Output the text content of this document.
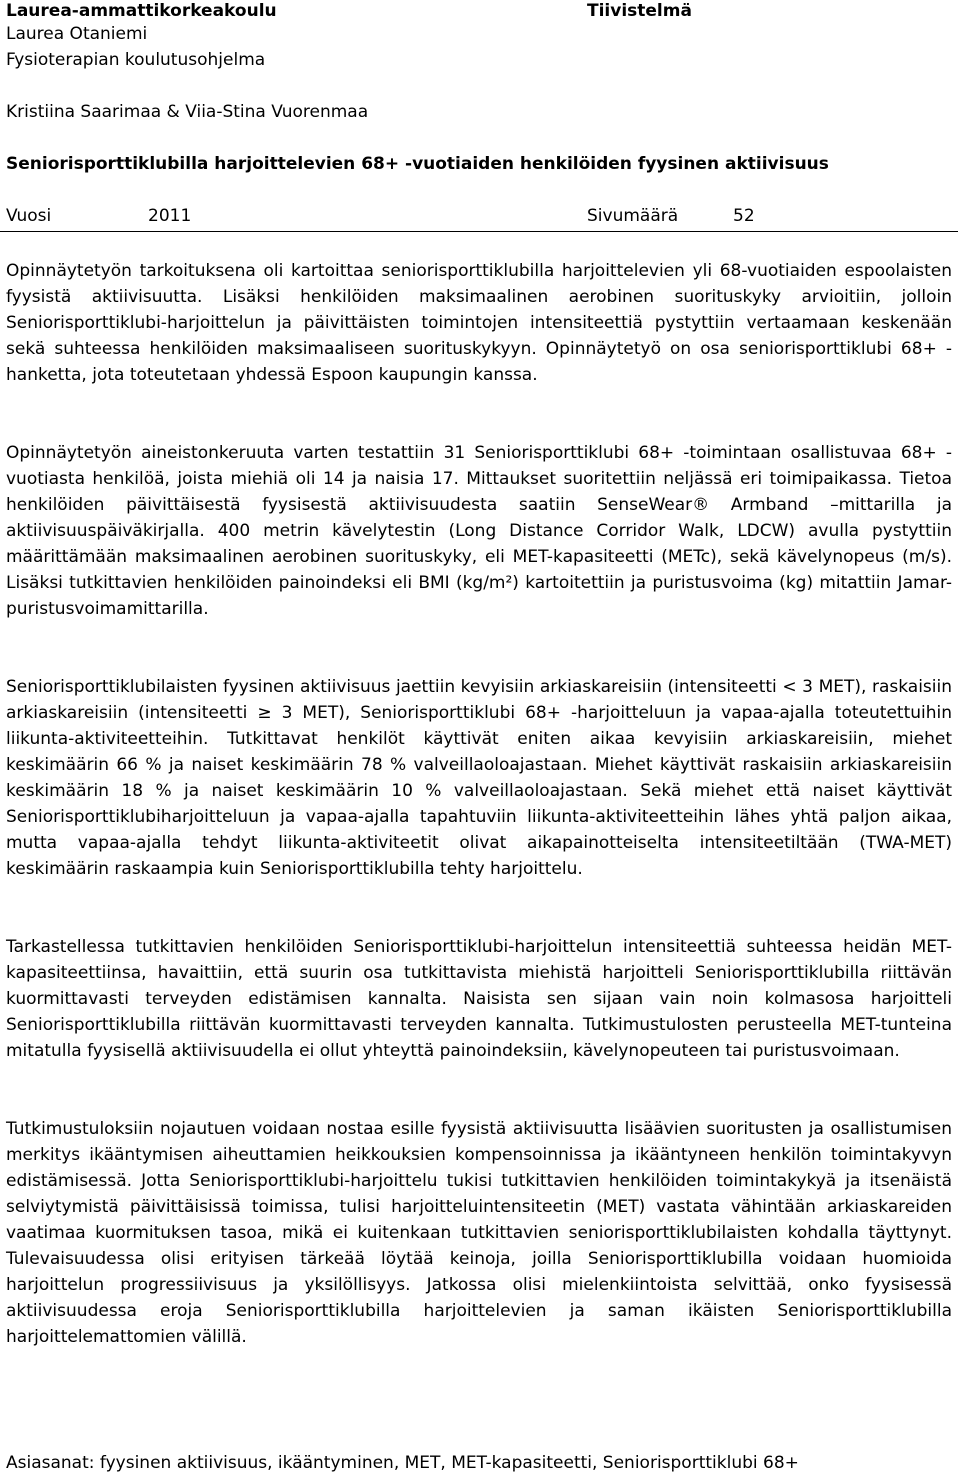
Laurea-ammattikorkeakoulu	Tiivistelmä
Laurea Otaniemi
Fysioterapian koulutusohjelma
Kristiina Saarimaa & Viia-Stina Vuorenmaa
Seniorisporttiklubilla harjoittelevien 68+ -vuotiaiden henkilöiden fyysinen aktiivisuus
Vuosi	2011	Sivumäärä	52

Opinnäytetyön tarkoituksena oli kartoittaa seniorisporttiklubilla harjoittelevien yli 68-vuotiaiden espoolaisten fyysistä aktiivisuutta. Lisäksi henkilöiden maksimaalinen aerobinen suorituskyky arvioitiin, jolloin Seniorisporttiklubi-harjoittelun ja päivittäisten toimintojen intensiteettiä pystyttiin vertaamaan keskenään sekä suhteessa henkilöiden maksimaaliseen suorituskykyyn. Opinnäytetyö on osa seniorisporttiklubi 68+ -hanketta, jota toteutetaan yhdessä Espoon kaupungin kanssa.

Opinnäytetyön aineistonkeruuta varten testattiin 31 Seniorisporttiklubi 68+ -toimintaan osallistuvaa 68+ -vuotiasta henkilöä, joista miehiä oli 14 ja naisia 17. Mittaukset suoritettiin neljässä eri toimipaikassa. Tietoa henkilöiden päivittäisestä fyysisestä aktiivisuudesta saatiin SenseWear® Armband –mittarilla ja aktiivisuuspäiväkirjalla. 400 metrin kävelytestin (Long Distance Corridor Walk, LDCW) avulla pystyttiin määrittämään maksimaalinen aerobinen suorituskyky, eli MET-kapasiteetti (METc), sekä kävelynopeus (m/s). Lisäksi tutkittavien henkilöiden painoindeksi eli BMI (kg/m²) kartoitettiin ja puristusvoima (kg) mitattiin Jamar-puristusvoimamittarilla.

Seniorisporttiklubilaisten fyysinen aktiivisuus jaettiin kevyisiin arkiaskareisiin (intensiteetti < 3 MET), raskaisiin arkiaskareisiin (intensiteetti ≥ 3 MET), Seniorisporttiklubi 68+ -harjoitteluun ja vapaa-ajalla toteutettuihin liikunta-aktiviteetteihin. Tutkittavat henkilöt käyttivät eniten aikaa kevyisiin arkiaskareisiin, miehet keskimäärin 66 % ja naiset keskimäärin 78 % valveillaoloajastaan. Miehet käyttivät raskaisiin arkiaskareisiin keskimäärin 18 % ja naiset keskimäärin 10 % valveillaoloajastaan. Sekä miehet että naiset käyttivät Seniorisporttiklubiharjoitteluun ja vapaa-ajalla tapahtuviin liikunta-aktiviteetteihin lähes yhtä paljon aikaa, mutta vapaa-ajalla tehdyt liikunta-aktiviteetit olivat aikapainotteiselta intensiteetiltään (TWA-MET) keskimäärin raskaampia kuin Seniorisporttiklubilla tehty harjoittelu.

Tarkastellessa tutkittavien henkilöiden Seniorisporttiklubi-harjoittelun intensiteettiä suhteessa heidän MET-kapasiteettiinsa, havaittiin, että suurin osa tutkittavista miehistä harjoitteli Seniorisporttiklubilla riittävän kuormittavasti terveyden edistämisen kannalta. Naisista sen sijaan vain noin kolmasosa harjoitteli Seniorisporttiklubilla riittävän kuormittavasti terveyden kannalta. Tutkimustulosten perusteella MET-tunteina mitatulla fyysisellä aktiivisuudella ei ollut yhteyttä painoindeksiin, kävelynopeuteen tai puristusvoimaan.

Tutkimustuloksiin nojautuen voidaan nostaa esille fyysistä aktiivisuutta lisäävien suoritusten ja osallistumisen merkitys ikääntymisen aiheuttamien heikkouksien kompensoinnissa ja ikääntyneen henkilön toimintakyvyn edistämisessä. Jotta Seniorisporttiklubi-harjoittelu tukisi tutkittavien henkilöiden toimintakykyä ja itsenäistä selviytymistä päivittäisissä toimissa, tulisi harjoitteluintensiteetin (MET) vastata vähintään arkiaskareiden vaatimaa kuormituksen tasoa, mikä ei kuitenkaan tutkittavien seniorisporttiklubilaisten kohdalla täyttynyt. Tulevaisuudessa olisi erityisen tärkeää löytää keinoja, joilla Seniorisporttiklubilla voidaan huomioida harjoittelun progressiivisuus ja yksilöllisyys. Jatkossa olisi mielenkiintoista selvittää, onko fyysisessä aktiivisuudessa eroja Seniorisporttiklubilla harjoittelevien ja saman ikäisten Seniorisporttiklubilla harjoittelemattomien välillä.

Asiasanat: fyysinen aktiivisuus, ikääntyminen, MET, MET-kapasiteetti, Seniorisporttiklubi 68+
